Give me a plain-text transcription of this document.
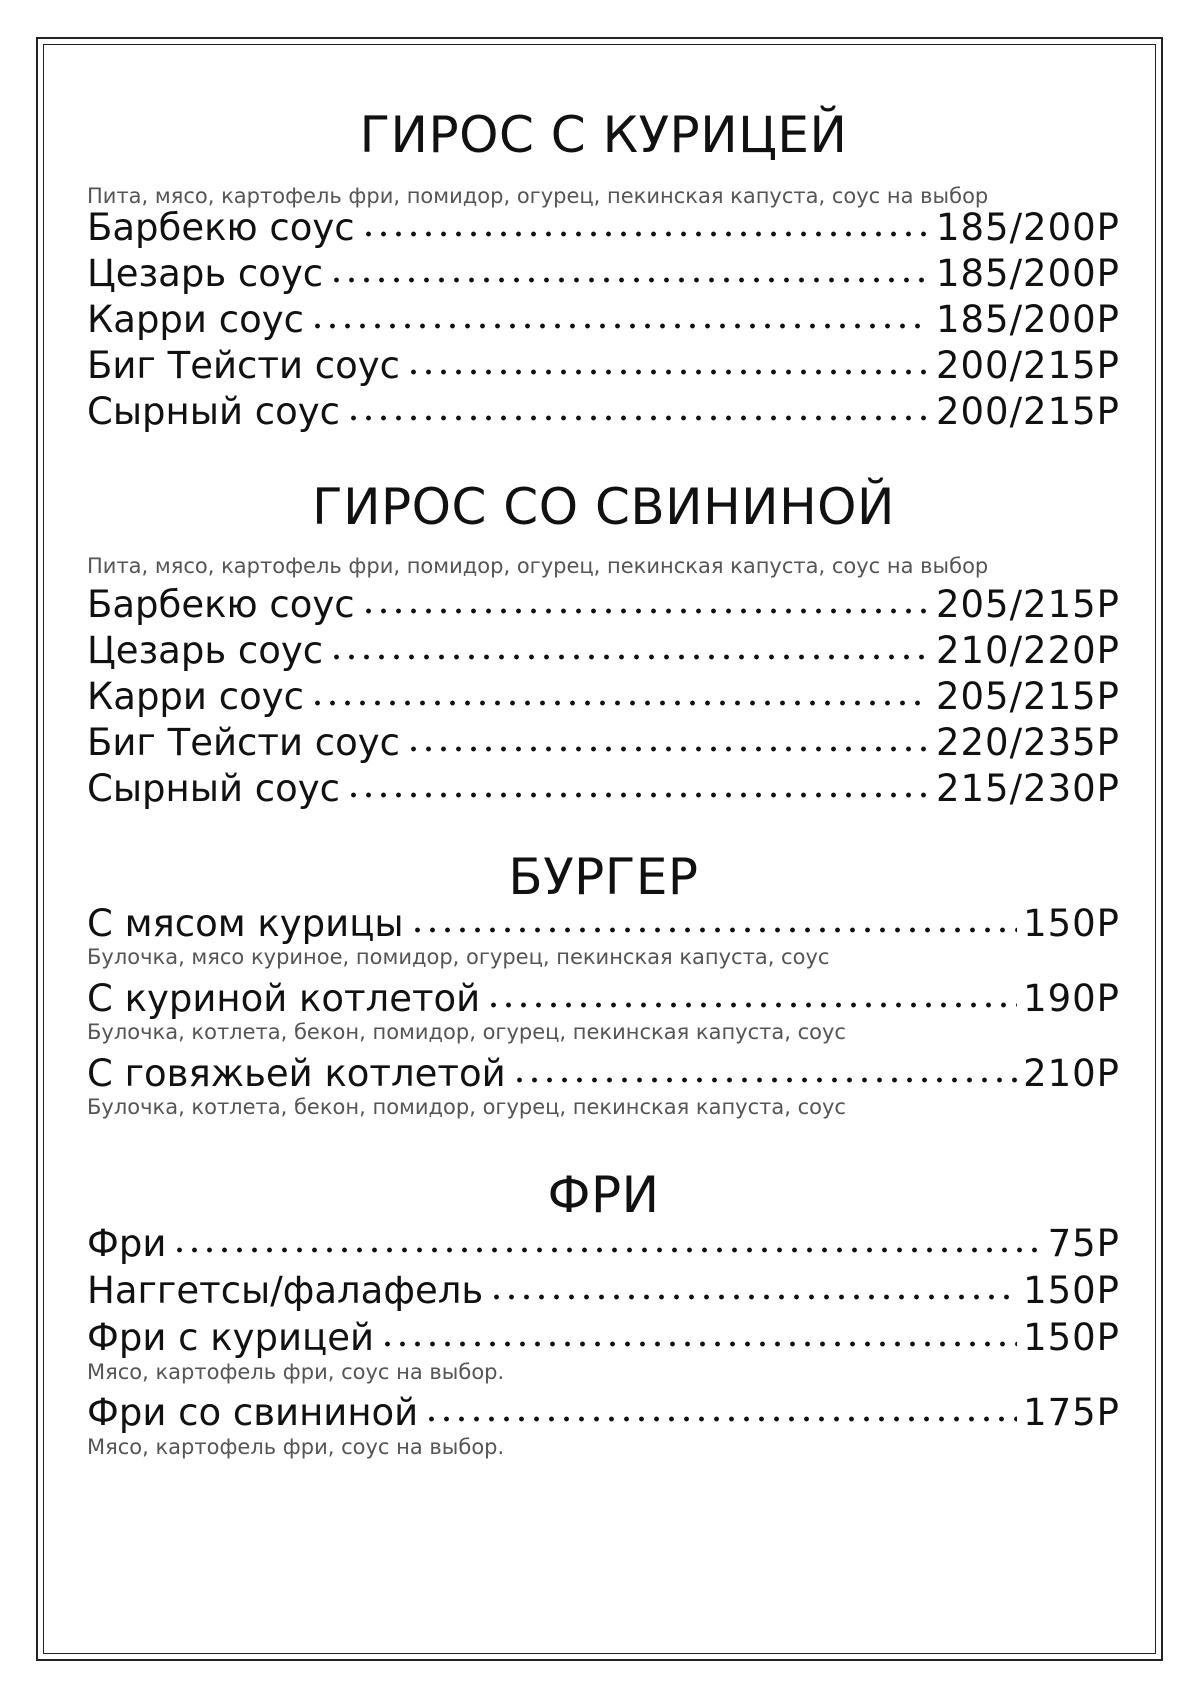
ГИРОС С КУРИЦЕЙ
Пита, мясо, картофель фри, помидор, огурец, пекинская капуста, соус на выбор
Барбекю соус	185/200Р
Цезарь соус	185/200Р
Карри соус	185/200Р
Биг Тейсти соус	200/215Р
Сырный соус	200/215Р
ГИРОС СО СВИНИНОЙ
Пита, мясо, картофель фри, помидор, огурец, пекинская капуста, соус на выбор
Барбекю соус	205/215Р
Цезарь соус	210/220Р
Карри соус	205/215Р
Биг Тейсти соус	220/235Р
Сырный соус	215/230Р
БУРГЕР
С мясом курицы	150Р
Булочка, мясо куриное, помидор, огурец, пекинская капуста, соус
С куриной котлетой	190Р
Булочка, котлета, бекон, помидор, огурец, пекинская капуста, соус
С говяжьей котлетой	210Р
Булочка, котлета, бекон, помидор, огурец, пекинская капуста, соус
ФРИ
Фри	75Р
Наггетсы/фалафель	150Р
Фри с курицей	150Р
Мясо, картофель фри, соус на выбор.
Фри со свининой	175Р
Мясо, картофель фри, соус на выбор.
